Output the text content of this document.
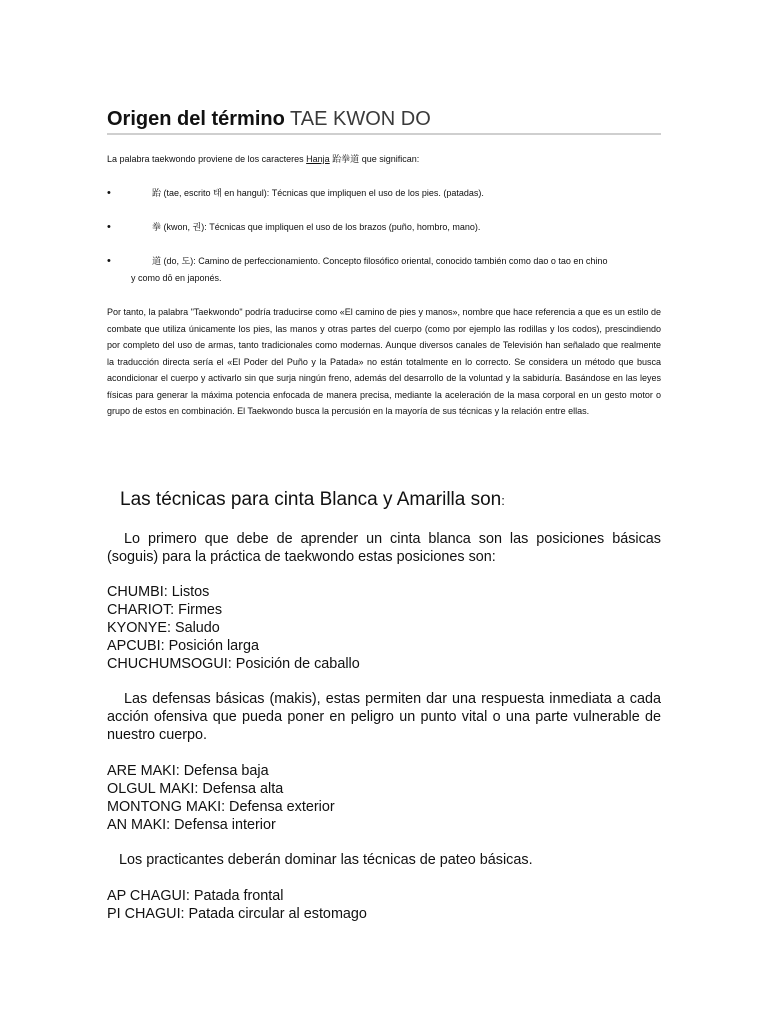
Origen del término TAE KWON DO
La palabra taekwondo proviene de los caracteres Hanja 跆拳道 que significan:
•	跆 (tae, escrito 태 en hangul): Técnicas que impliquen el uso de los pies. (patadas).
•	拳 (kwon, 권): Técnicas que impliquen el uso de los brazos (puño, hombro, mano).
•	道 (do, 도): Camino de perfeccionamiento. Concepto filosófico oriental, conocido también como dao o tao en chino
y como dō en japonés.
Por tanto, la palabra "Taekwondo" podría traducirse como «El camino de pies y manos», nombre que hace referencia a que es un estilo de combate que utiliza únicamente los pies, las manos y otras partes del cuerpo (como por ejemplo las rodillas y los codos), prescindiendo por completo del uso de armas, tanto tradicionales como modernas. Aunque diversos canales de Televisión han señalado que realmente la traducción directa sería el «El Poder del Puño y la Patada» no están totalmente en lo correcto. Se considera un método que busca acondicionar el cuerpo y activarlo sin que surja ningún freno, además del desarrollo de la voluntad y la sabiduría. Basándose en las leyes físicas para generar la máxima potencia enfocada de manera precisa, mediante la aceleración de la masa corporal en un gesto motor o grupo de estos en combinación. El Taekwondo busca la percusión en la mayoría de sus técnicas y la relación entre ellas.
Las técnicas para cinta Blanca y Amarilla son:
Lo primero que debe de aprender un cinta blanca son las posiciones básicas (soguis) para la práctica de taekwondo estas posiciones son:
CHUMBI: Listos
CHARIOT: Firmes
KYONYE: Saludo
APCUBI: Posición larga
CHUCHUMSOGUI: Posición de caballo
Las defensas básicas (makis), estas permiten dar una respuesta inmediata a cada acción ofensiva que pueda poner en peligro un punto vital o una parte vulnerable de nuestro cuerpo.
ARE MAKI: Defensa baja
OLGUL MAKI: Defensa alta
MONTONG MAKI: Defensa exterior
AN MAKI: Defensa interior
Los practicantes deberán dominar las técnicas de pateo básicas.
AP CHAGUI: Patada frontal
PI CHAGUI: Patada circular al estomago
